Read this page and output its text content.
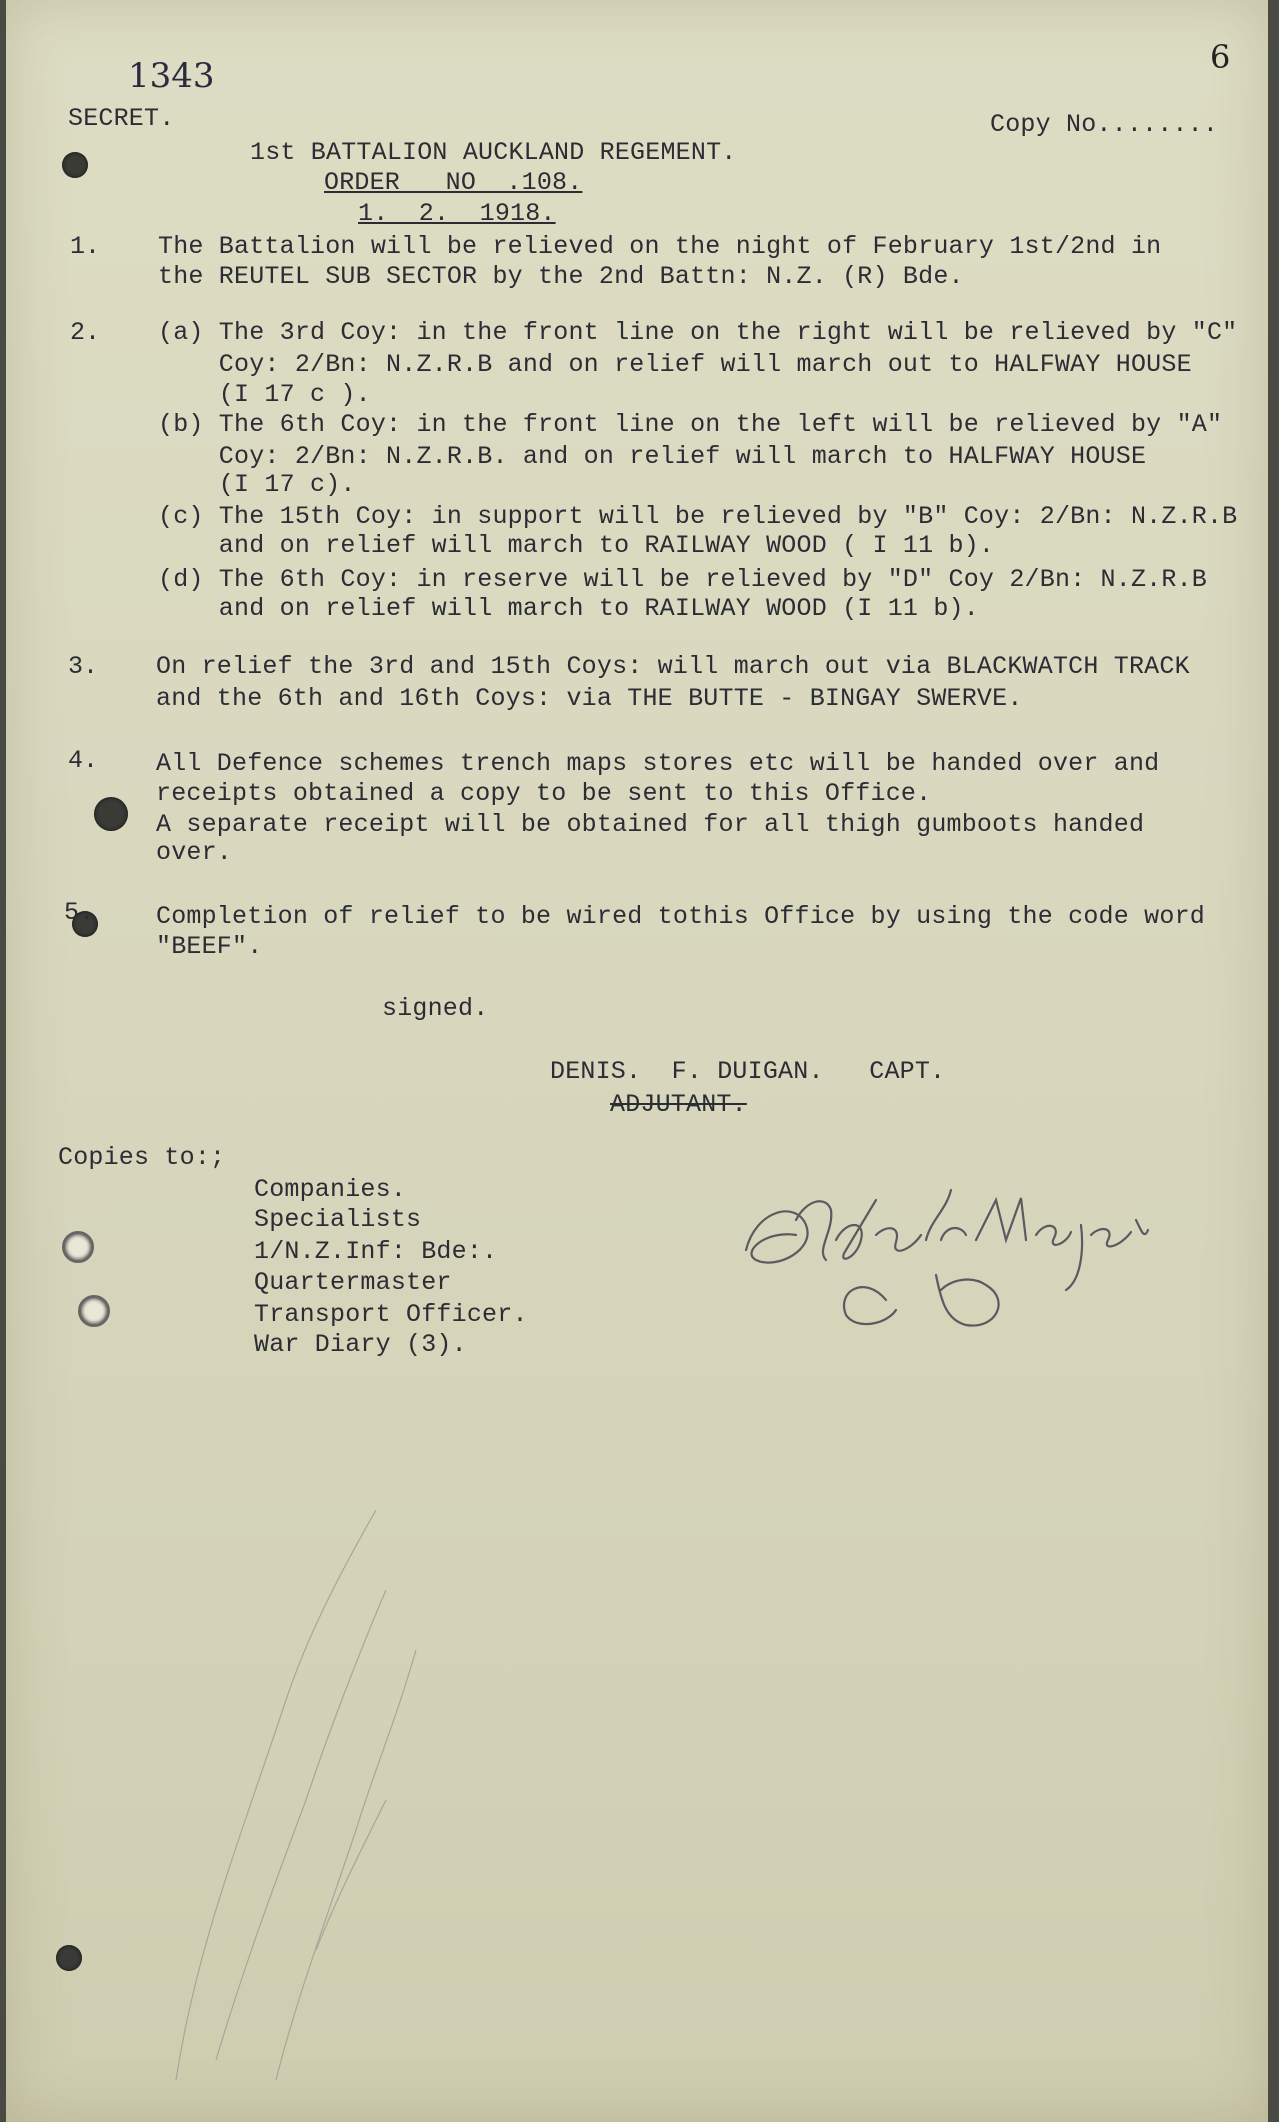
1343	6
SECRET.	Copy No........
1st BATTALION AUCKLAND REGEMENT.
ORDER   NO  .108.
1.  2.  1918.
1. The Battalion will be relieved on the night of February 1st/2nd in
the REUTEL SUB SECTOR by the 2nd Battn: N.Z. (R) Bde.
2. (a) The 3rd Coy: in the front line on the right will be relieved by "C"
Coy: 2/Bn: N.Z.R.B and on relief will march out to HALFWAY HOUSE
(I 17 c ).
(b) The 6th Coy: in the front line on the left will be relieved by "A"
Coy: 2/Bn: N.Z.R.B. and on relief will march to HALFWAY HOUSE
(I 17 c).
(c) The 15th Coy: in support will be relieved by "B" Coy: 2/Bn: N.Z.R.B
and on relief will march to RAILWAY WOOD ( I 11 b).
(d) The 6th Coy: in reserve will be relieved by "D" Coy 2/Bn: N.Z.R.B
and on relief will march to RAILWAY WOOD (I 11 b).
3. On relief the 3rd and 15th Coys: will march out via BLACKWATCH TRACK
and the 6th and 16th Coys: via THE BUTTE - BINGAY SWERVE.
4. All Defence schemes trench maps stores etc will be handed over and
receipts obtained a copy to be sent to this Office.
A separate receipt will be obtained for all thigh gumboots handed
over.
5. Completion of relief to be wired tothis Office by using the code word
"BEEF".
signed.
DENIS.  F. DUIGAN.   CAPT.
ADJUTANT.
Copies to:;
Companies.
Specialists
1/N.Z.Inf: Bde:.
Quartermaster
Transport Officer.
War Diary (3).
